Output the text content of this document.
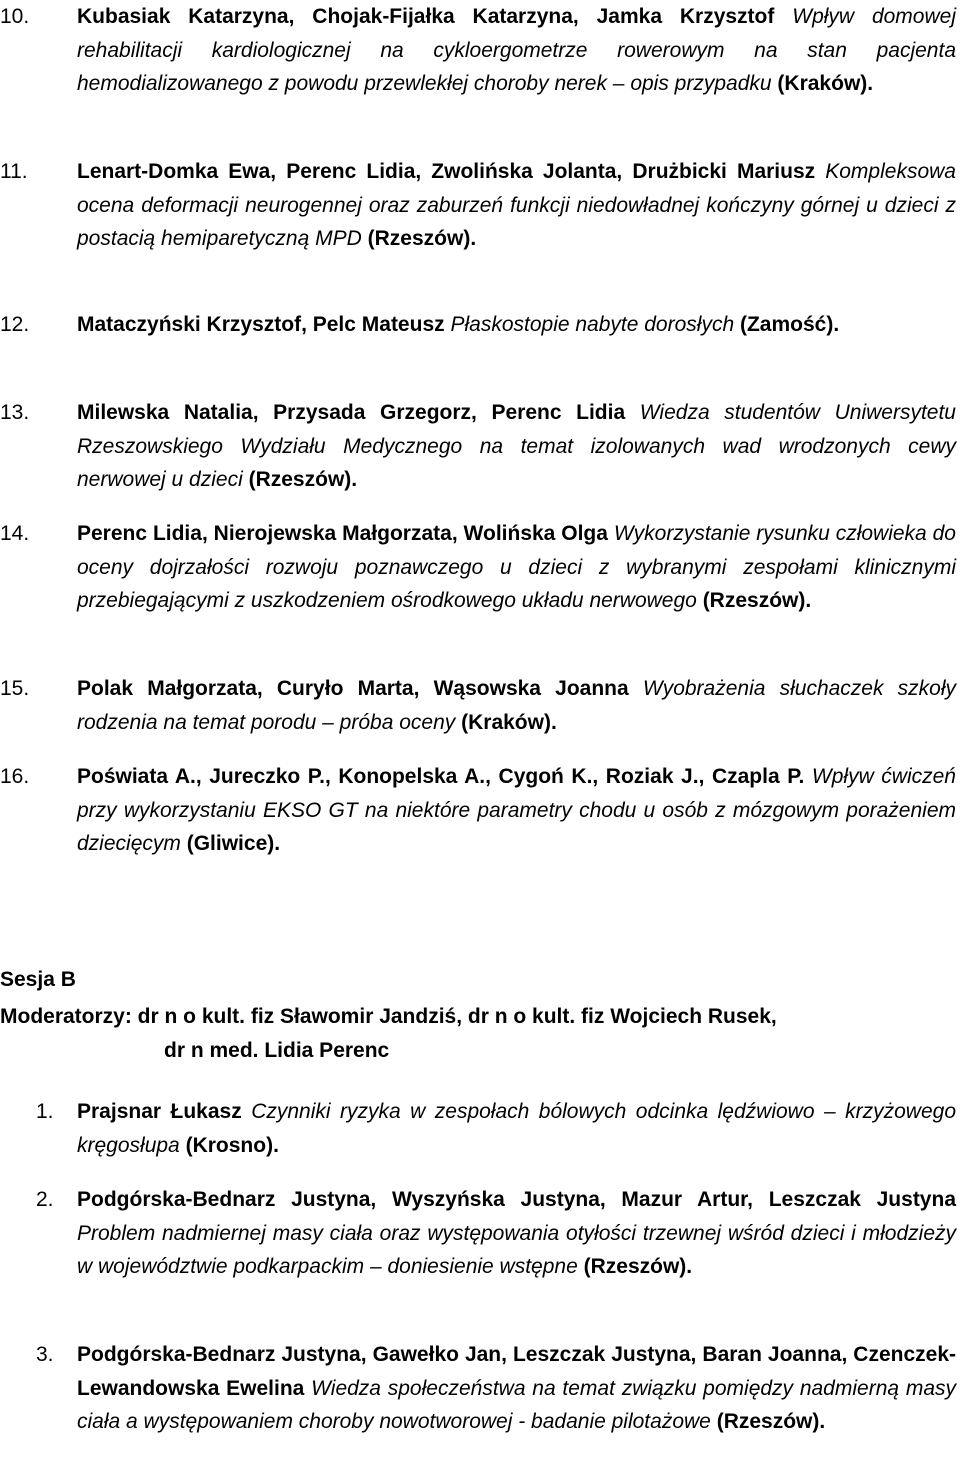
10.	Kubasiak Katarzyna, Chojak-Fijałka Katarzyna, Jamka Krzysztof Wpływ domowej rehabilitacji kardiologicznej na cykloergometrze rowerowym na stan pacjenta hemodializowanego z powodu przewlekłej choroby nerek – opis przypadku (Kraków).
11.	Lenart-Domka Ewa, Perenc Lidia, Zwolińska Jolanta, Drużbicki Mariusz Kompleksowa ocena deformacji neurogennej oraz zaburzeń funkcji niedowładnej kończyny górnej u dzieci z postacią hemiparetyczną MPD (Rzeszów).
12.	Mataczyński Krzysztof, Pelc Mateusz Płaskostopie nabyte dorosłych (Zamość).
13.	Milewska Natalia, Przysada Grzegorz, Perenc Lidia Wiedza studentów Uniwersytetu Rzeszowskiego Wydziału Medycznego na temat izolowanych wad wrodzonych cewy nerwowej u dzieci (Rzeszów).
14.	Perenc Lidia, Nierojewska Małgorzata, Wolińska Olga Wykorzystanie rysunku człowieka do oceny dojrzałości rozwoju poznawczego u dzieci z wybranymi zespołami klinicznymi przebiegającymi z uszkodzeniem ośrodkowego układu nerwowego (Rzeszów).
15.	Polak Małgorzata, Curyło Marta, Wąsowska Joanna Wyobrażenia słuchaczek szkoły rodzenia na temat porodu – próba oceny (Kraków).
16.	Poświata A., Jureczko P., Konopelska A., Cygoń K., Roziak J., Czapla P. Wpływ ćwiczeń przy wykorzystaniu EKSO GT na niektóre parametry chodu u osób z mózgowym porażeniem dziecięcym (Gliwice).
Sesja B
Moderatorzy: dr n o kult. fiz Sławomir Jandziś, dr n o kult. fiz Wojciech Rusek,
dr n med. Lidia Perenc
1.	Prajsnar Łukasz Czynniki ryzyka w zespołach bólowych odcinka lędźwiowo – krzyżowego kręgosłupa (Krosno).
2.	Podgórska-Bednarz Justyna, Wyszyńska Justyna, Mazur Artur, Leszczak Justyna Problem nadmiernej masy ciała oraz występowania otyłości trzewnej wśród dzieci i młodzieży w województwie podkarpackim – doniesienie wstępne (Rzeszów).
3.	Podgórska-Bednarz Justyna, Gawełko Jan, Leszczak Justyna, Baran Joanna, Czenczek-Lewandowska Ewelina Wiedza społeczeństwa na temat związku pomiędzy nadmierną masy ciała a występowaniem choroby nowotworowej - badanie pilotażowe (Rzeszów).
